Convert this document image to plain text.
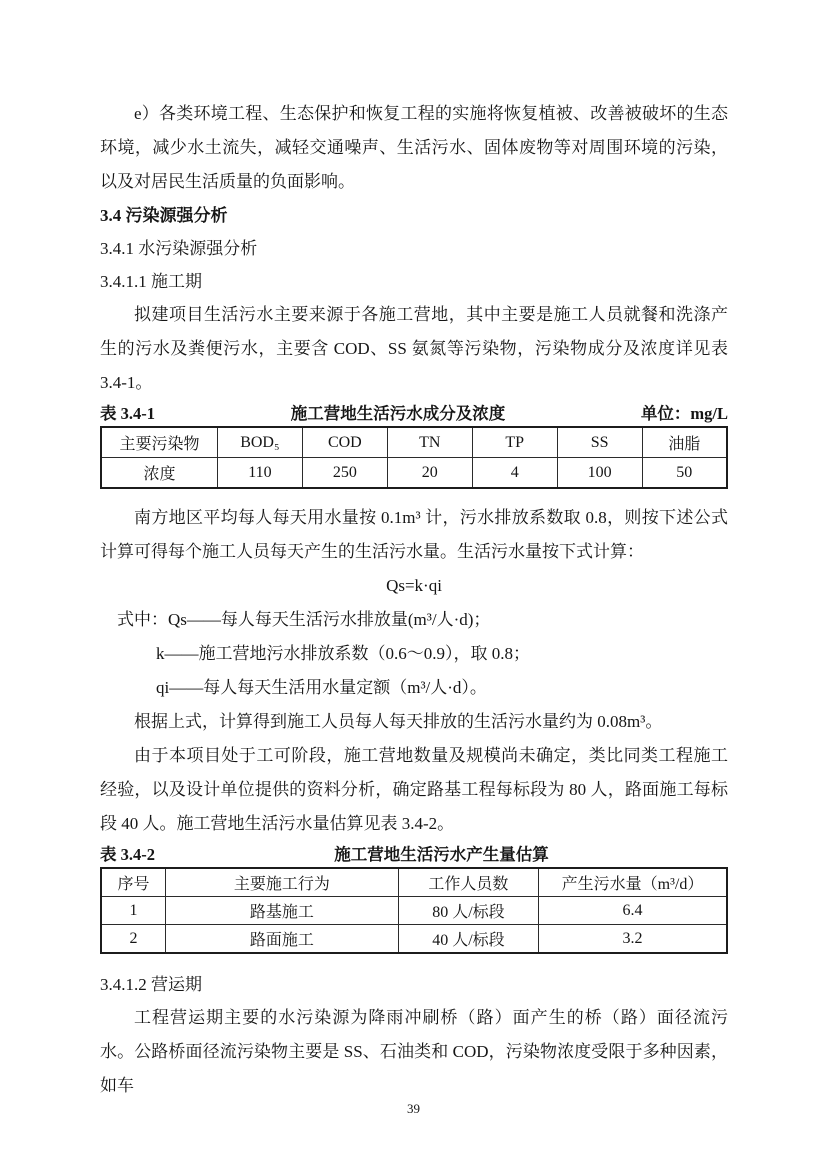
e）各类环境工程、生态保护和恢复工程的实施将恢复植被、改善被破坏的生态环境，减少水土流失，减轻交通噪声、生活污水、固体废物等对周围环境的污染，以及对居民生活质量的负面影响。

3.4 污染源强分析

3.4.1 水污染源强分析

3.4.1.1 施工期

拟建项目生活污水主要来源于各施工营地，其中主要是施工人员就餐和洗涤产生的污水及粪便污水，主要含 COD、SS 氨氮等污染物，污染物成分及浓度详见表 3.4-1。

表 3.4-1	施工营地生活污水成分及浓度	单位：mg/L
主要污染物	BOD₅	COD	TN	TP	SS	油脂
浓度	110	250	20	4	100	50

南方地区平均每人每天用水量按 0.1m³ 计，污水排放系数取 0.8，则按下述公式计算可得每个施工人员每天产生的生活污水量。生活污水量按下式计算：

Qs=k·qi

式中：Qs——每人每天生活污水排放量(m³/人·d)；

k——施工营地污水排放系数（0.6～0.9），取 0.8；

qi——每人每天生活用水量定额（m³/人·d）。

根据上式，计算得到施工人员每人每天排放的生活污水量约为 0.08m³。

由于本项目处于工可阶段，施工营地数量及规模尚未确定，类比同类工程施工经验，以及设计单位提供的资料分析，确定路基工程每标段为 80 人，路面施工每标段 40 人。施工营地生活污水量估算见表 3.4-2。

表 3.4-2	施工营地生活污水产生量估算
序号	主要施工行为	工作人员数	产生污水量（m³/d）
1	路基施工	80 人/标段	6.4
2	路面施工	40 人/标段	3.2

3.4.1.2 营运期

工程营运期主要的水污染源为降雨冲刷桥（路）面产生的桥（路）面径流污水。公路桥面径流污染物主要是 SS、石油类和 COD，污染物浓度受限于多种因素，如车

39
